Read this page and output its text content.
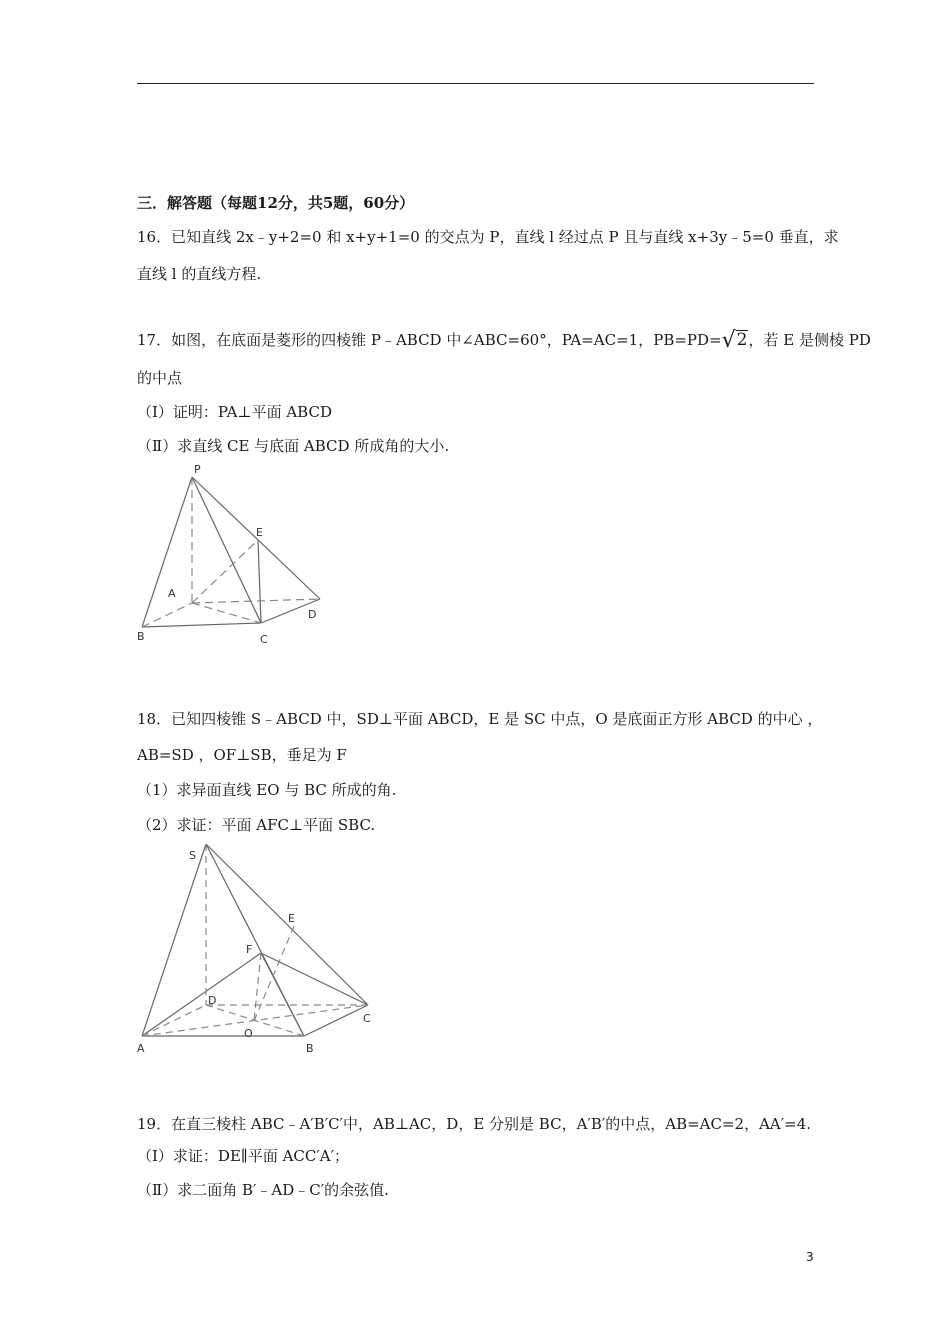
三．解答题（每题12分，共5题，60分）
16．已知直线 2x﹣y+2=0 和 x+y+1=0 的交点为 P，直线 l 经过点 P 且与直线 x+3y﹣5=0 垂直，求
直线 l 的直线方程.
17．如图，在底面是菱形的四棱锥 P﹣ABCD 中∠ABC=60°，PA=AC=1，PB=PD=√2，若 E 是侧棱 PD
的中点
（Ⅰ）证明：PA⊥平面 ABCD
（Ⅱ）求直线 CE 与底面 ABCD 所成角的大小.
P
E
A
D
B	C
18．已知四棱锥 S﹣ABCD 中，SD⊥平面 ABCD，E 是 SC 中点，O 是底面正方形 ABCD 的中心 ，
AB=SD ，OF⊥SB，垂足为 F
（1）求异面直线 EO 与 BC 所成的角.
（2）求证：平面 AFC⊥平面 SBC.
S
E
F
D
C
O
A	B
19．在直三棱柱 ABC﹣A′B′C′中，AB⊥AC，D，E 分别是 BC，A′B′的中点，AB=AC=2，AA′=4.
（Ⅰ）求证：DE∥平面 ACC′A′；
（Ⅱ）求二面角 B′﹣AD﹣C′的余弦值.
3
